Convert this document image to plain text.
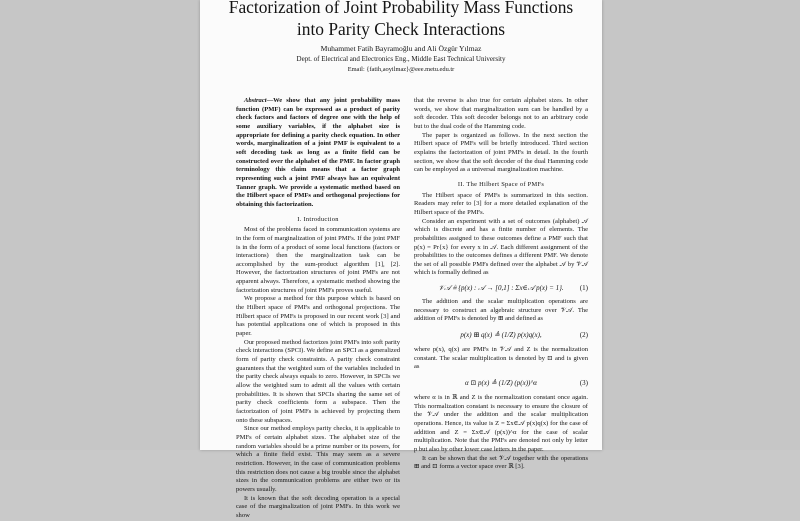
Factorization of Joint Probability Mass Functions into Parity Check Interactions
Muhammet Fatih Bayramoğlu and Ali Özgür Yılmaz
Dept. of Electrical and Electronics Eng., Middle East Technical University
Email: {fatih,aoyilmaz}@eee.metu.edu.tr

Abstract—We show that any joint probability mass function (PMF) can be expressed as a product of parity check factors and factors of degree one with the help of some auxiliary variables, if the alphabet size is appropriate for defining a parity check equation. In other words, marginalization of a joint PMF is equivalent to a soft decoding task as long as a finite field can be constructed over the alphabet of the PMF. In factor graph terminology this claim means that a factor graph representing such a joint PMF always has an equivalent Tanner graph. We provide a systematic method based on the Hilbert space of PMFs and orthogonal projections for obtaining this factorization.

I. Introduction

Most of the problems faced in communication systems are in the form of marginalization of joint PMFs. If the joint PMF is in the form of a product of some local functions (factors or interactions) then the marginalization task can be accomplished by the sum-product algorithm [1], [2]. However, the factorization structures of joint PMFs are not apparent always. Therefore, a systematic method showing the factorization structures of joint PMFs proves useful.

We propose a method for this purpose which is based on the Hilbert space of PMFs and orthogonal projections. The Hilbert space of PMFs is proposed in our recent work [3] and has potential applications one of which is proposed in this paper.

Our proposed method factorizes joint PMFs into soft parity check interactions (SPCI). We define an SPCI as a generalized form of parity check constraints. A parity check constraint guarantees that the weighted sum of the variables included in the parity check always equals to zero. However, in SPCIs we allow the weighted sum to admit all the values with certain probabilities. It is shown that SPCIs sharing the same set of parity check coefficients form a subspace. Then the factorization of joint PMFs is achieved by projecting them onto these subspaces.

Since our method employs parity checks, it is applicable to PMFs of certain alphabet sizes. The alphabet size of the random variables should be a prime number or its powers, for which a finite field exist. This may seem as a severe restriction. However, in the case of communication problems this restriction does not cause a big trouble since the alphabet sizes in the communication problems are either two or its powers usually.

It is known that the soft decoding operation is a special case of the marginalization of joint PMFs. In this work we show

that the reverse is also true for certain alphabet sizes. In other words, we show that marginalization sum can be handled by a soft decoder. This soft decoder belongs not to an arbitrary code but to the dual code of the Hamming code.

The paper is organized as follows. In the next section the Hilbert space of PMFs will be briefly introduced. Third section explains the factorization of joint PMFs in detail. In the fourth section, we show that the soft decoder of the dual Hamming code can be employed as a universal marginalization machine.

II. The Hilbert Space of PMFs

The Hilbert space of PMFs is summarized in this section. Readers may refer to [3] for a more detailed explanation of the Hilbert space of the PMFs.

Consider an experiment with a set of outcomes (alphabet) 𝒜 which is discrete and has a finite number of elements. The probabilities assigned to these outcomes define a PMF such that p(x) = Pr{x} for every x in 𝒜. Each different assignment of the probabilities to the outcomes defines a different PMF. We denote the set of all possible PMFs defined over the alphabet 𝒜 by 𝒱𝒜 which is formally defined as

𝒱𝒜 ≜ {p(x) : 𝒜 → [0,1] : Σx∈𝒜 p(x) = 1}. (1)

The addition and the scalar multiplication operations are necessary to construct an algebraic structure over 𝒱𝒜. The addition of PMFs is denoted by ⊞ and defined as

p(x) ⊞ q(x) ≜ (1/Z) p(x)q(x),	(2)

where p(x), q(x) are PMFs in 𝒱𝒜 and Z is the normalization constant. The scalar multiplication is denoted by ⊡ and is given as

α ⊡ p(x) ≜ (1/Z) (p(x))^α	(3)

where α is in ℝ and Z is the normalization constant once again. This normalization constant is necessary to ensure the closure of the 𝒱𝒜 under the addition and the scalar multiplication operations. Hence, its value is Z = Σx∈𝒜 p(x)q(x) for the case of addition and Z = Σx∈𝒜 (p(x))^α for the case of scalar multiplication. Note that the PMFs are denoted not only by letter p but also by other lower case letters in the paper.

It can be shown that the set 𝒱𝒜 together with the operations ⊞ and ⊡ forms a vector space over ℝ [3].
